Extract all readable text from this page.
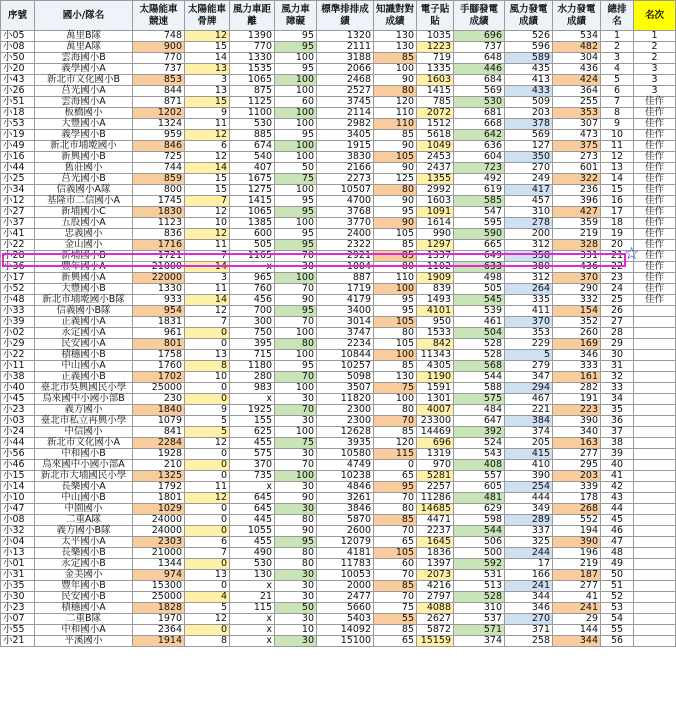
序號	國小/隊名	太陽能車競速	太陽能車骨牌	風力車距離	風力車障礙	標準排排成績	知識對對成績	電子貼貼	手腳發電成績	風力發電成績	水力發電成績	總排名	名次
小05	萬里B隊	748	12	1390	95	1320	130	1035	696	526	534	1	1
小08	萬里A隊	900	15	770	95	2111	130	1223	737	596	482	2	2
小50	雲海國小B	770	14	1330	100	3188	85	719	648	589	304	3	2
小20	義學國小A	737	13	1535	95	2066	100	1335	446	435	436	4	3
小43	新北市文化國小B	853	3	1065	100	2468	90	1603	684	413	424	5	3
小26	莒光國小A	844	13	875	100	2527	80	1415	569	433	364	6	3
小51	雲海國小A	871	15	1125	60	3745	120	785	530	509	255	7	佳作
小18	板橋國小	1202	9	1100	100	2114	110	2072	681	203	353	8	佳作
小53	大豐國小A	1324	11	530	100	2982	110	1512	668	378	307	9	佳作
小19	義學國小B	959	12	885	95	3405	85	5618	642	569	473	10	佳作
小49	新北市埔墘國小	846	6	674	100	1915	90	1049	636	127	375	11	佳作
小16	新興國小B	725	12	540	100	3830	105	2453	604	350	273	12	佳作
小44	舊莊國小	744	14	407	50	2166	90	2437	723	270	601	13	佳作
小25	莒光國小B	859	15	1675	75	2273	125	1355	492	249	322	14	佳作
小34	信義國小A隊	800	15	1275	100	10507	80	2992	619	417	236	15	佳作
小12	基隆市二信國小A	1745	7	1415	95	4700	90	1603	585	457	396	16	佳作
小27	新埔國小C	1830	12	1065	95	3768	95	1091	547	310	427	17	佳作
小37	五股國小A	1123	10	1385	100	3770	90	1614	595	278	359	18	佳作
小41	忠義國小	836	12	600	95	2400	105	990	590	200	219	19	佳作
小22	金山國小	1716	11	505	95	2322	85	1297	665	312	328	20	佳作
小28	新埔國小B	1721	7	1165	70	2921	85	1337	649	358	331	21	佳作
小36	豐年國小A	21000	14	x	30	1004	80	1102	633	380	436	22	佳作
小17	新興國小A	22000	3	965	100	887	110	1909	498	312	370	23	佳作
小52	大豐國小B	1330	11	760	70	1719	100	839	505	264	290	24	佳作
小48	新北市埔墘國小B隊	933	14	456	90	4179	95	1493	545	335	332	25	佳作
小33	信義國小B隊	954	12	700	95	3400	95	4101	539	411	154	26	
小39	正義國小A	1831	7	300	70	3014	105	950	461	370	352	27	
小02	永定國小A	961	0	750	100	3747	80	1533	504	353	260	28	
小29	民安國小A	801	0	395	80	2234	105	842	528	229	169	29	
小22	積穗國小B	1758	13	715	100	10844	100	11343	528	5	346	30	
小11	中山國小A	1760	8	1180	95	10257	85	4305	568	279	333	31	
小38	正義國小B	1702	10	280	70	5098	130	1190	544	347	161	32	
小40	臺北市吳興國民小學	25000	0	983	100	3507	75	1591	588	294	282	33	
小45	烏來國中小國小部B	230	0	x	30	11820	100	1301	575	467	191	34	
小23	義方國小	1840	9	1925	70	2300	80	4007	484	221	223	35	
小03	臺北市私立再興小學	1079	5	155	30	2300	70	23300	647	384	390	36	
小24	中信國小	841	5	625	100	12628	85	14469	392	374	340	37	
小44	新北市文化國小A	2284	12	455	75	3935	120	696	524	205	163	38	
小56	中和國小B	1928	0	575	30	10580	115	1319	543	415	277	39	
小46	烏來國中小國小部A	210	0	370	70	4749	0	970	408	410	295	40	
小15	新北市大埔國民小學	1325	0	735	100	10238	65	5281	557	390	203	41	
小14	長樂國小A	1792	11	x	30	4846	95	2257	605	254	339	42	
小10	中山國小B	1801	12	645	90	3261	70	11286	481	444	178	43	
小47	中園國小	1029	0	645	30	3846	80	14685	629	349	268	44	
小08	二重A隊	24000	0	445	80	5870	85	4471	598	289	552	45	
小32	義方國小B隊	24000	0	1055	90	2600	70	2237	544	337	194	46	
小04	太平國小A	2303	6	455	95	12079	65	1645	506	325	390	47	
小13	長樂國小B	21000	7	490	80	4181	105	1836	500	244	196	48	
小01	永定國小B	1344	0	530	80	11783	60	1397	592	17	219	49	
小31	金美國小	974	13	130	30	10053	70	2073	531	166	187	50	
小35	豐年國小B	15300	0	x	30	2000	85	4216	513	241	277	51	
小30	民安國小B	25000	4	21	30	2477	70	2797	528	344	41	52	
小23	積穗國小A	1828	5	115	50	5660	75	4088	310	346	241	53	
小07	二重B隊	1970	12	x	30	5403	55	2627	537	270	29	54	
小55	中和國小A	2364	0	x	10	14092	85	5872	571	371	144	55	
小21	平溪國小	1914	8	x	30	15100	65	15159	374	258	344	56	
☆
